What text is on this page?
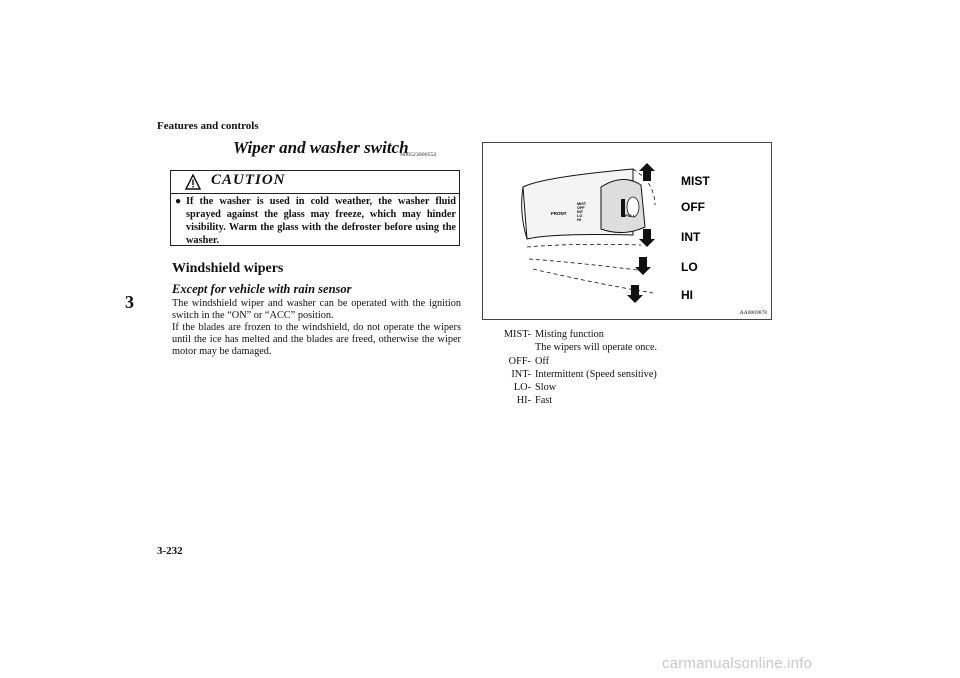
Features and controls
3
Wiper and washer switch
N00523000552
CAUTION
● If the washer is used in cold weather, the washer fluid sprayed against the glass may freeze, which may hinder visibility. Warm the glass with the defroster before using the washer.
Windshield wipers
Except for vehicle with rain sensor
The windshield wiper and washer can be operated with the ignition switch in the “ON” or “ACC” position.
If the blades are frozen to the windshield, do not operate the wipers until the ice has melted and the blades are freed, otherwise the wiper motor may be damaged.
FRONT
MIST
OFF
INT
LO
HI
PULL
MIST
OFF
INT
LO
HI
AA0069878
MIST- Misting function
The wipers will operate once.
OFF- Off
INT- Intermittent (Speed sensitive)
LO- Slow
HI- Fast
3-232
carmanualsonline.info
